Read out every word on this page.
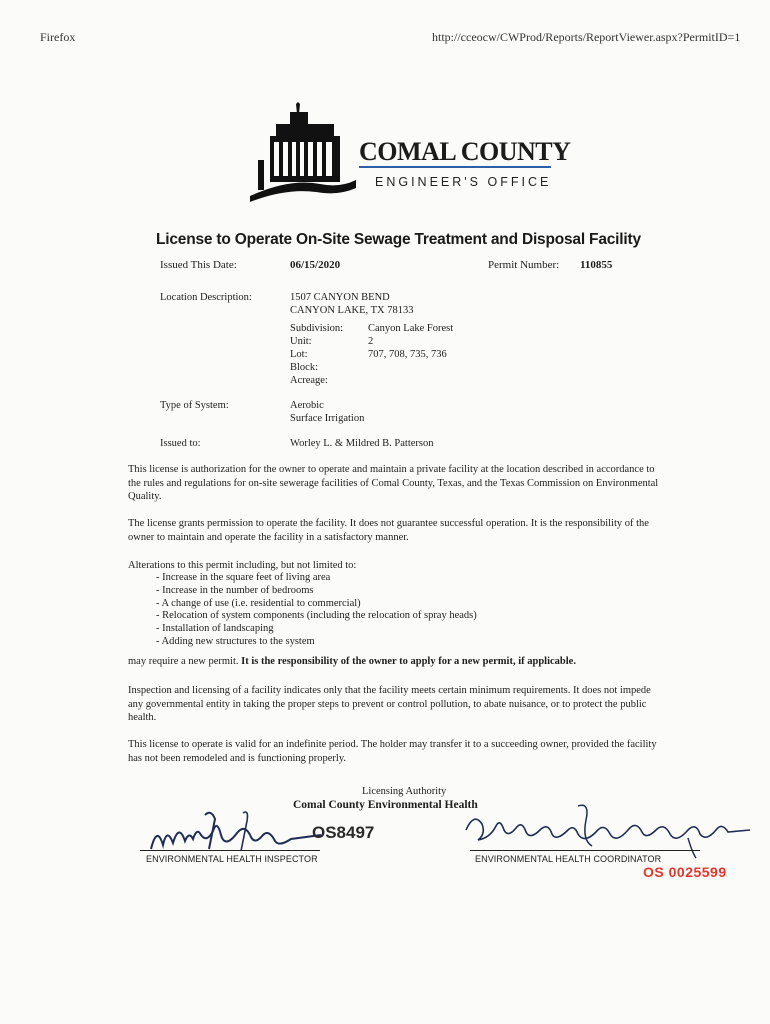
Firefox	http://cceocw/CWProd/Reports/ReportViewer.aspx?PermitID=1
COMAL COUNTY
ENGINEER'S OFFICE
License to Operate On-Site Sewage Treatment and Disposal Facility
Issued This Date:	06/15/2020	Permit Number: 110855
Location Description:	1507 CANYON BEND
CANYON LAKE, TX 78133
Subdivision: Canyon Lake Forest
Unit:	2
Lot:	707, 708, 735, 736
Block:
Acreage:
Type of System:	Aerobic
Surface Irrigation
Issued to:	Worley L. & Mildred B. Patterson
This license is authorization for the owner to operate and maintain a private facility at the location described in accordance to the rules and regulations for on-site sewerage facilities of Comal County, Texas, and the Texas Commission on Environmental Quality.
The license grants permission to operate the facility. It does not guarantee successful operation. It is the responsibility of the owner to maintain and operate the facility in a satisfactory manner.
Alterations to this permit including, but not limited to:
- Increase in the square feet of living area
- Increase in the number of bedrooms
- A change of use (i.e. residential to commercial)
- Relocation of system components (including the relocation of spray heads)
- Installation of landscaping
- Adding new structures to the system
may require a new permit. It is the responsibility of the owner to apply for a new permit, if applicable.
Inspection and licensing of a facility indicates only that the facility meets certain minimum requirements. It does not impede any governmental entity in taking the proper steps to prevent or control pollution, to abate nuisance, or to protect the public health.
This license to operate is valid for an indefinite period. The holder may transfer it to a succeeding owner, provided the facility has not been remodeled and is functioning properly.
Licensing Authority
Comal County Environmental Health
OS8497
ENVIRONMENTAL HEALTH INSPECTOR	ENVIRONMENTAL HEALTH COORDINATOR
OS 0025599
